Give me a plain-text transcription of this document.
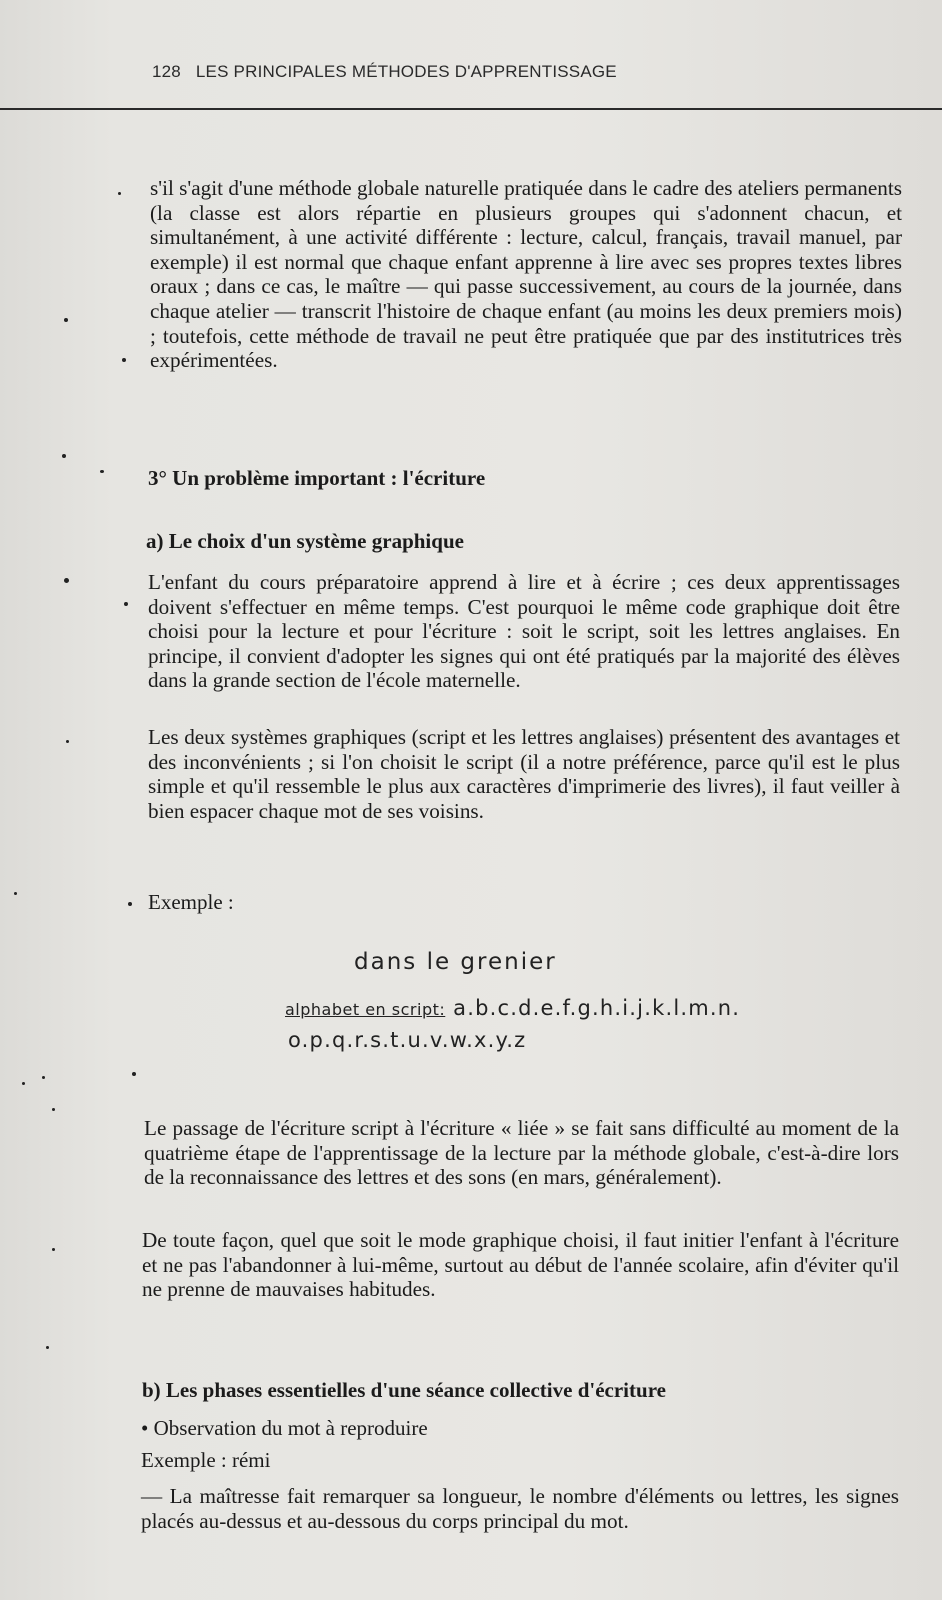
128 LES PRINCIPALES MÉTHODES D'APPRENTISSAGE
s'il s'agit d'une méthode globale naturelle pratiquée dans le cadre des ateliers permanents (la classe est alors répartie en plusieurs groupes qui s'adonnent chacun, et simultanément, à une activité différente : lecture, calcul, français, travail manuel, par exemple) il est normal que chaque enfant apprenne à lire avec ses propres textes libres oraux ; dans ce cas, le maître — qui passe successivement, au cours de la journée, dans chaque atelier — transcrit l'histoire de chaque enfant (au moins les deux premiers mois) ; toutefois, cette méthode de travail ne peut être pratiquée que par des institutrices très expérimentées.
3° Un problème important : l'écriture
a) Le choix d'un système graphique
L'enfant du cours préparatoire apprend à lire et à écrire ; ces deux apprentissages doivent s'effectuer en même temps. C'est pourquoi le même code graphique doit être choisi pour la lecture et pour l'écriture : soit le script, soit les lettres anglaises. En principe, il convient d'adopter les signes qui ont été pratiqués par la majorité des élèves dans la grande section de l'école maternelle.
Les deux systèmes graphiques (script et les lettres anglaises) présentent des avantages et des inconvénients ; si l'on choisit le script (il a notre préférence, parce qu'il est le plus simple et qu'il ressemble le plus aux caractères d'imprimerie des livres), il faut veiller à bien espacer chaque mot de ses voisins.
Exemple :
dans le grenier
alphabet en script: a.b.c.d.e.f.g.h.i.j.k.l.m.n.
o.p.q.r.s.t.u.v.w.x.y.z
Le passage de l'écriture script à l'écriture « liée » se fait sans difficulté au moment de la quatrième étape de l'apprentissage de la lecture par la méthode globale, c'est-à-dire lors de la reconnaissance des lettres et des sons (en mars, généralement).
De toute façon, quel que soit le mode graphique choisi, il faut initier l'enfant à l'écriture et ne pas l'abandonner à lui-même, surtout au début de l'année scolaire, afin d'éviter qu'il ne prenne de mauvaises habitudes.
b) Les phases essentielles d'une séance collective d'écriture
• Observation du mot à reproduire
Exemple : rémi
— La maîtresse fait remarquer sa longueur, le nombre d'éléments ou lettres, les signes placés au-dessus et au-dessous du corps principal du mot.
